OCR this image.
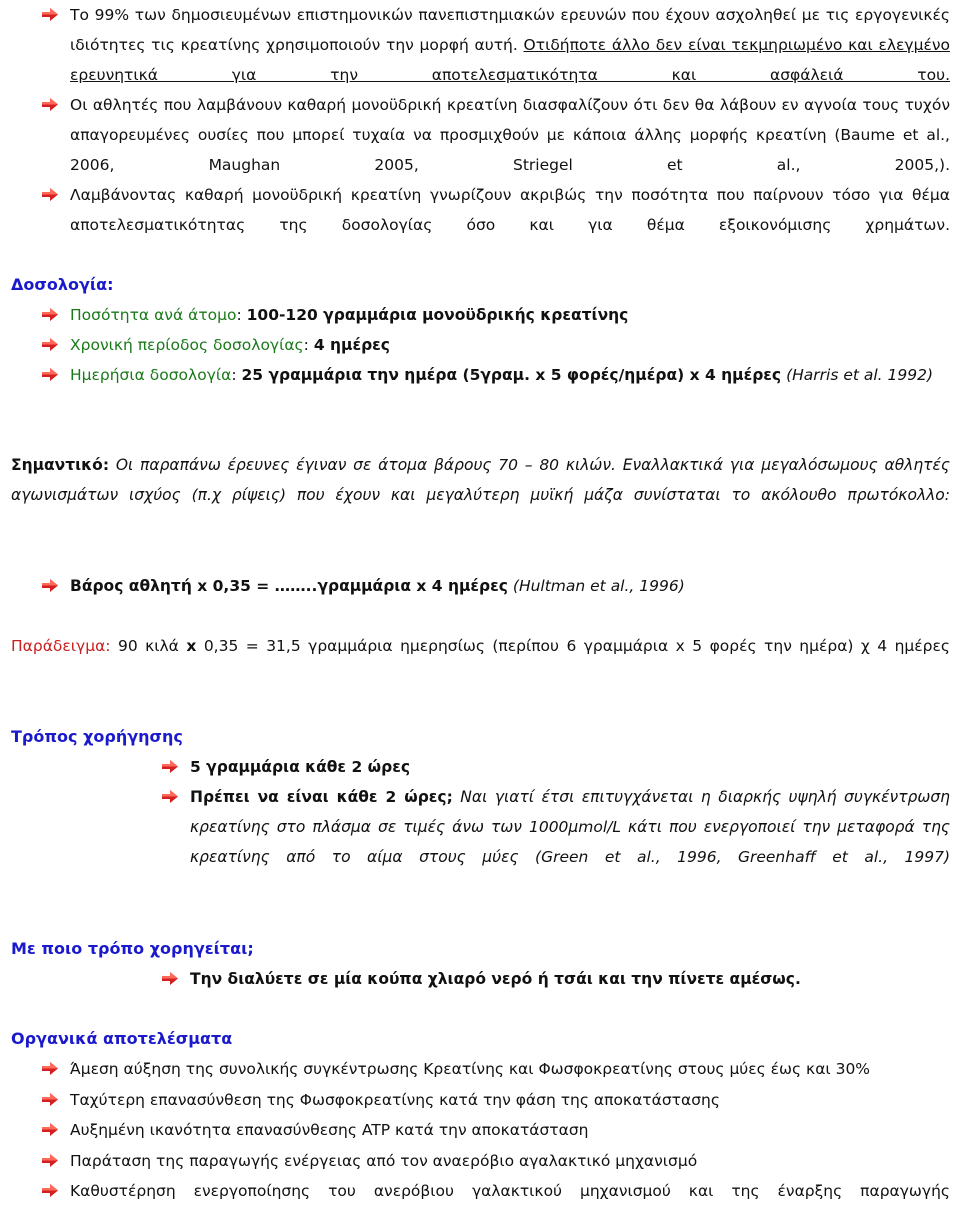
Το 99% των δημοσιευμένων επιστημονικών πανεπιστημιακών ερευνών που έχουν ασχοληθεί με τις εργογενικές ιδιότητες τις κρεατίνης χρησιμοποιούν την μορφή αυτή. Οτιδήποτε άλλο δεν είναι τεκμηριωμένο και ελεγμένο ερευνητικά για την αποτελεσματικότητα και ασφάλειά του.
Οι αθλητές που λαμβάνουν καθαρή μονοϋδρική κρεατίνη διασφαλίζουν ότι δεν θα λάβουν εν αγνοία τους τυχόν απαγορευμένες ουσίες που μπορεί τυχαία να προσμιχθούν με κάποια άλλης μορφής κρεατίνη (Baume et al., 2006, Maughan 2005, Striegel et al., 2005,).
Λαμβάνοντας καθαρή μονοϋδρική κρεατίνη γνωρίζουν ακριβώς την ποσότητα που παίρνουν τόσο για θέμα αποτελεσματικότητας της δοσολογίας όσο και για θέμα εξοικονόμισης χρημάτων.
Δοσολογία:
Ποσότητα ανά άτομο: 100-120 γραμμάρια μονοϋδρικής κρεατίνης
Χρονική περίοδος δοσολογίας: 4 ημέρες
Ημερήσια δοσολογία: 25 γραμμάρια την ημέρα (5γραμ. x 5 φορές/ημέρα) x 4 ημέρες (Harris et al. 1992)
Σημαντικό: Οι παραπάνω έρευνες έγιναν σε άτομα βάρους 70 – 80 κιλών. Εναλλακτικά για μεγαλόσωμους αθλητές αγωνισμάτων ισχύος (π.χ ρίψεις) που έχουν και μεγαλύτερη μυϊκή μάζα συνίσταται το ακόλουθο πρωτόκολλο:
Βάρος αθλητή x 0,35 = ……..γραμμάρια x 4 ημέρες (Hultman et al., 1996)
Παράδειγμα: 90 κιλά x 0,35 = 31,5 γραμμάρια ημερησίως (περίπου 6 γραμμάρια x 5 φορές την ημέρα) χ 4 ημέρες
Τρόπος χορήγησης
5 γραμμάρια κάθε 2 ώρες
Πρέπει να είναι κάθε 2 ώρες; Ναι γιατί έτσι επιτυγχάνεται η διαρκής υψηλή συγκέντρωση κρεατίνης στο πλάσμα σε τιμές άνω των 1000μmol/L κάτι που ενεργοποιεί την μεταφορά της κρεατίνης από το αίμα στους μύες (Green et al., 1996, Greenhaff et al., 1997)
Με ποιο τρόπο χορηγείται;
Την διαλύετε σε μία κούπα χλιαρό νερό ή τσάι και την πίνετε αμέσως.
Οργανικά αποτελέσματα
Άμεση αύξηση της συνολικής συγκέντρωσης Κρεατίνης και Φωσφοκρεατίνης στους μύες έως και 30%
Ταχύτερη επανασύνθεση της Φωσφοκρεατίνης κατά την φάση της αποκατάστασης
Αυξημένη ικανότητα επανασύνθεσης ATP κατά την αποκατάσταση
Παράταση της παραγωγής ενέργειας από τον αναερόβιο αγαλακτικό μηχανισμό
Καθυστέρηση ενεργοποίησης του ανερόβιου γαλακτικού μηχανισμού και της έναρξης παραγωγής
